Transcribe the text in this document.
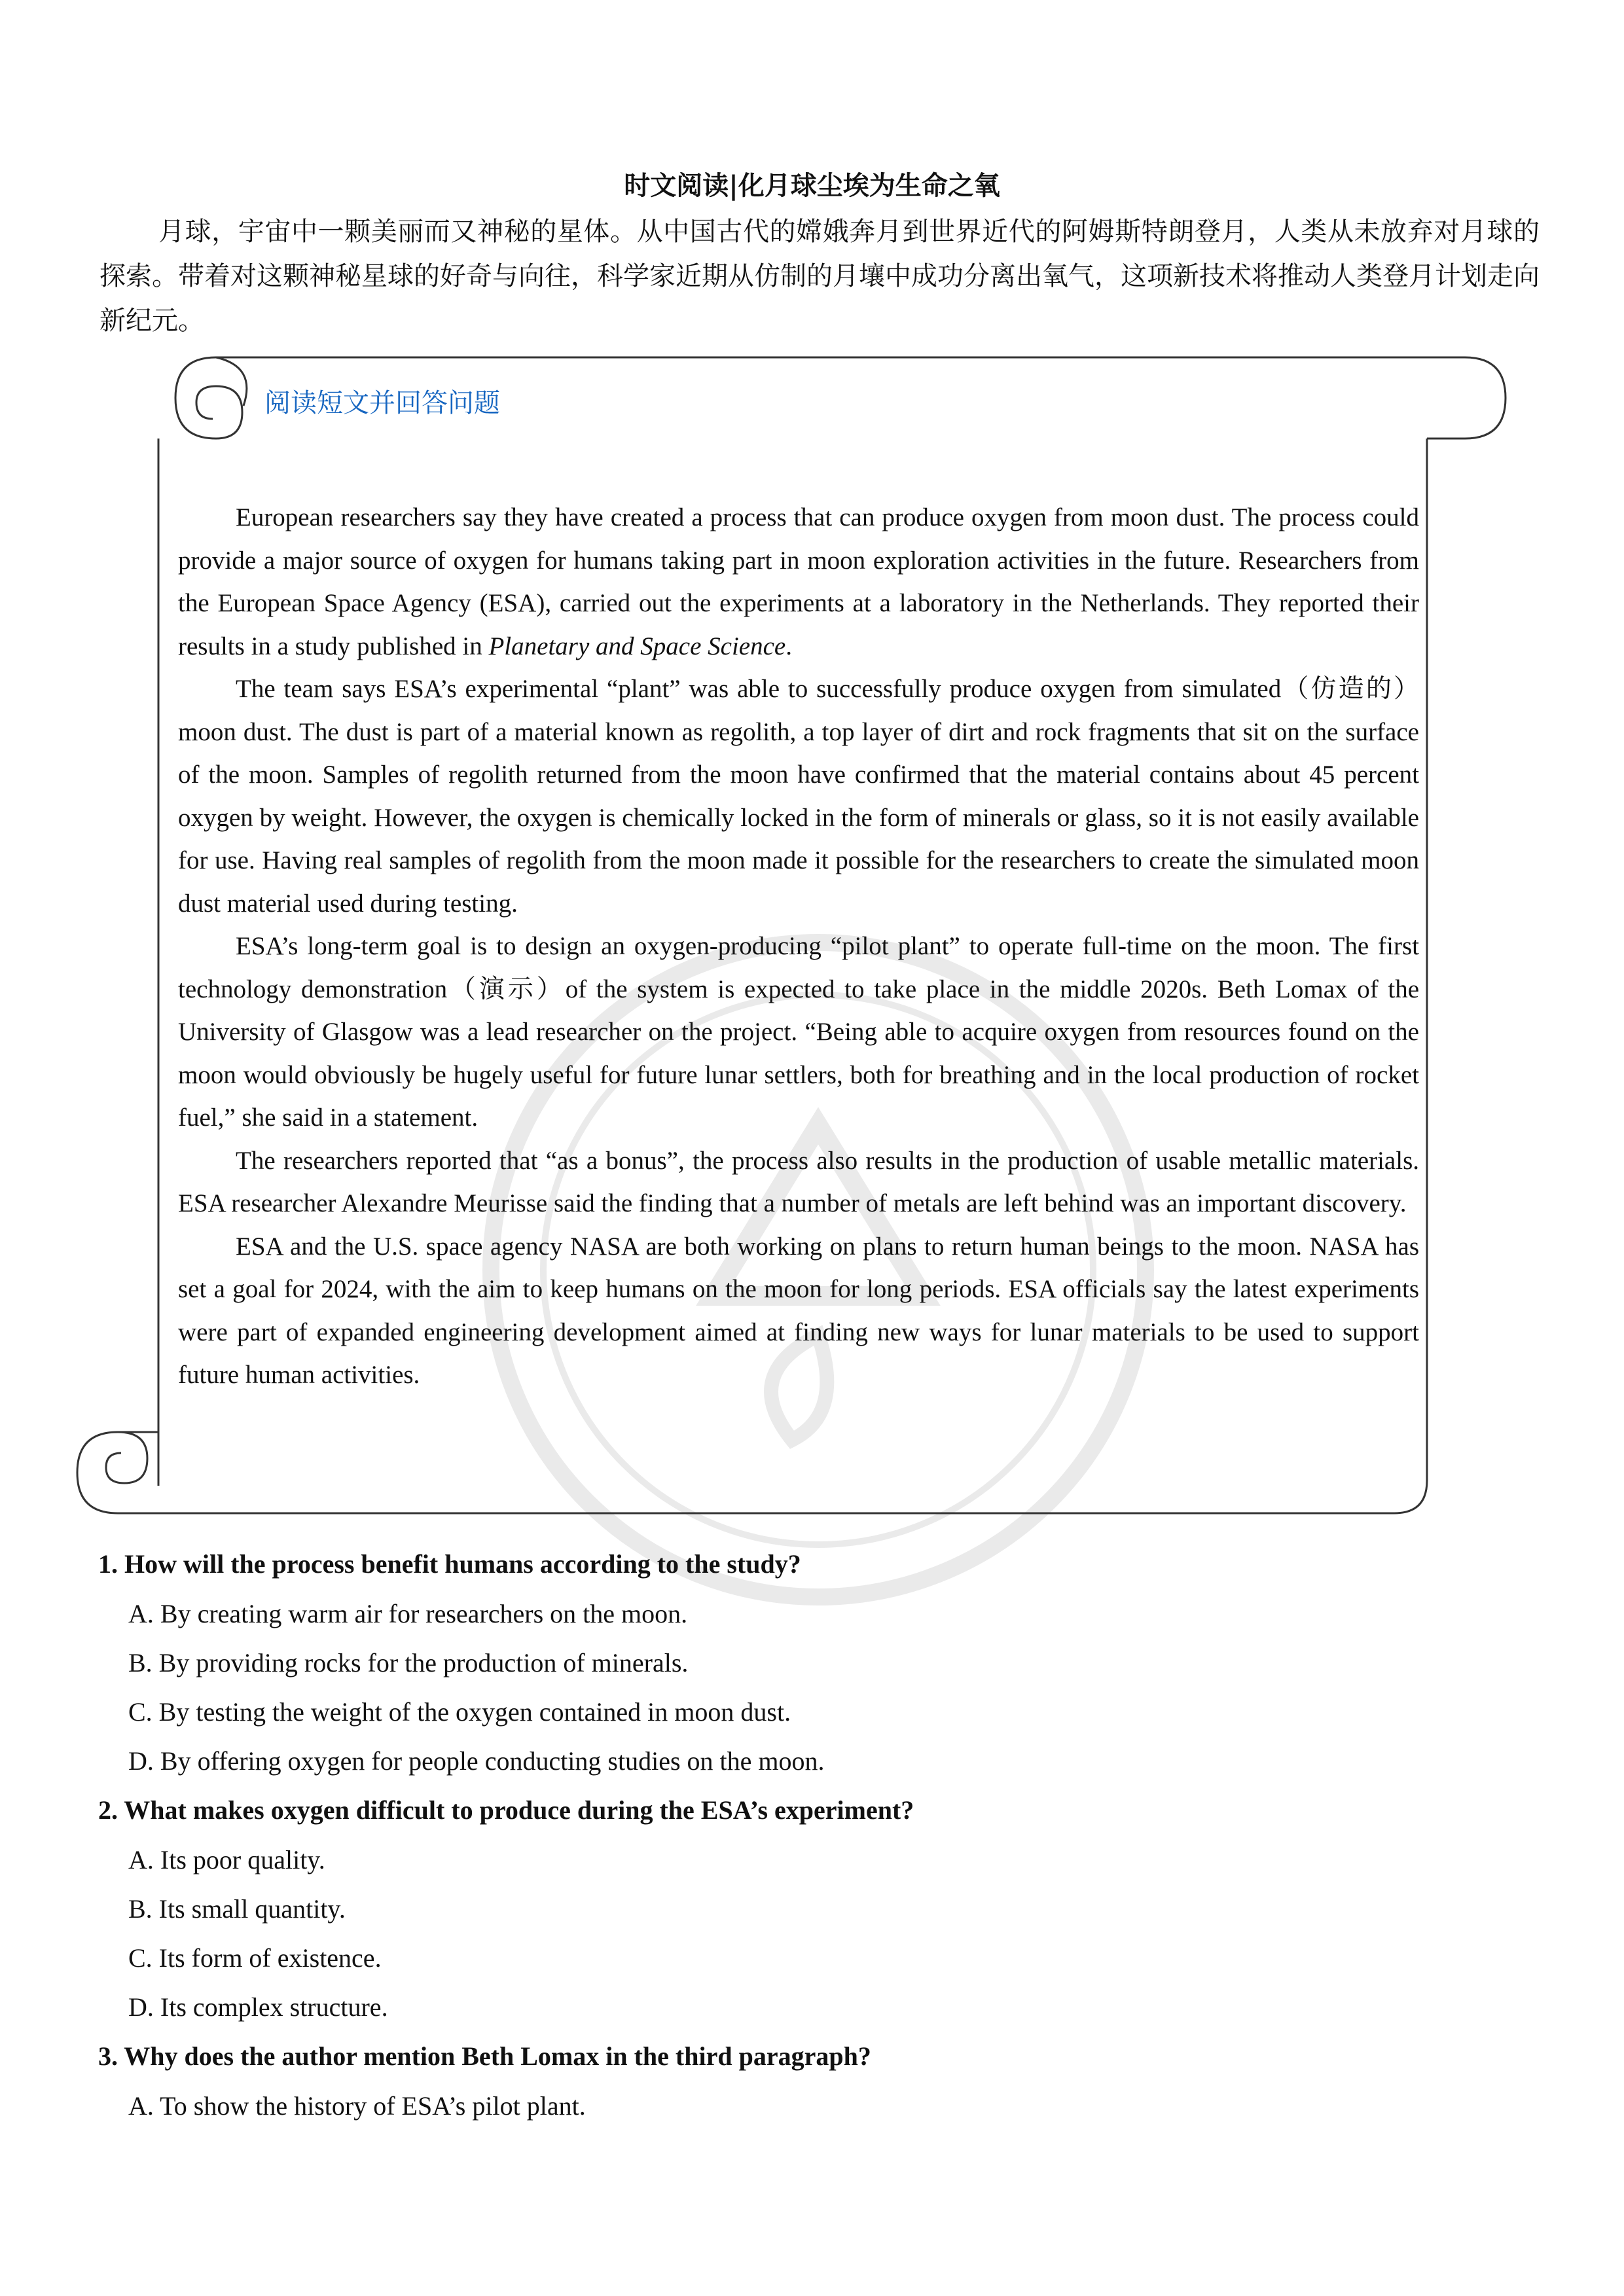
时文阅读|化月球尘埃为生命之氧
月球，宇宙中一颗美丽而又神秘的星体。从中国古代的嫦娥奔月到世界近代的阿姆斯特朗登月，人类从未放弃对月球的探索。带着对这颗神秘星球的好奇与向往，科学家近期从仿制的月壤中成功分离出氧气，这项新技术将推动人类登月计划走向新纪元。
阅读短文并回答问题

European researchers say they have created a process that can produce oxygen from moon dust. The process could provide a major source of oxygen for humans taking part in moon exploration activities in the future. Researchers from the European Space Agency (ESA), carried out the experiments at a laboratory in the Netherlands. They reported their results in a study published in Planetary and Space Science.

The team says ESA’s experimental “plant” was able to successfully produce oxygen from simulated（仿造的）moon dust. The dust is part of a material known as regolith, a top layer of dirt and rock fragments that sit on the surface of the moon. Samples of regolith returned from the moon have confirmed that the material contains about 45 percent oxygen by weight. However, the oxygen is chemically locked in the form of minerals or glass, so it is not easily available for use. Having real samples of regolith from the moon made it possible for the researchers to create the simulated moon dust material used during testing.

ESA’s long-term goal is to design an oxygen-producing “pilot plant” to operate full-time on the moon. The first technology demonstration（演示）of the system is expected to take place in the middle 2020s. Beth Lomax of the University of Glasgow was a lead researcher on the project. “Being able to acquire oxygen from resources found on the moon would obviously be hugely useful for future lunar settlers, both for breathing and in the local production of rocket fuel,” she said in a statement.

The researchers reported that “as a bonus”, the process also results in the production of usable metallic materials. ESA researcher Alexandre Meurisse said the finding that a number of metals are left behind was an important discovery.

ESA and the U.S. space agency NASA are both working on plans to return human beings to the moon. NASA has set a goal for 2024, with the aim to keep humans on the moon for long periods. ESA officials say the latest experiments were part of expanded engineering development aimed at finding new ways for lunar materials to be used to support future human activities.

1. How will the process benefit humans according to the study?
A. By creating warm air for researchers on the moon.
B. By providing rocks for the production of minerals.
C. By testing the weight of the oxygen contained in moon dust.
D. By offering oxygen for people conducting studies on the moon.
2. What makes oxygen difficult to produce during the ESA’s experiment?
A. Its poor quality.
B. Its small quantity.
C. Its form of existence.
D. Its complex structure.
3. Why does the author mention Beth Lomax in the third paragraph?
A. To show the history of ESA’s pilot plant.
